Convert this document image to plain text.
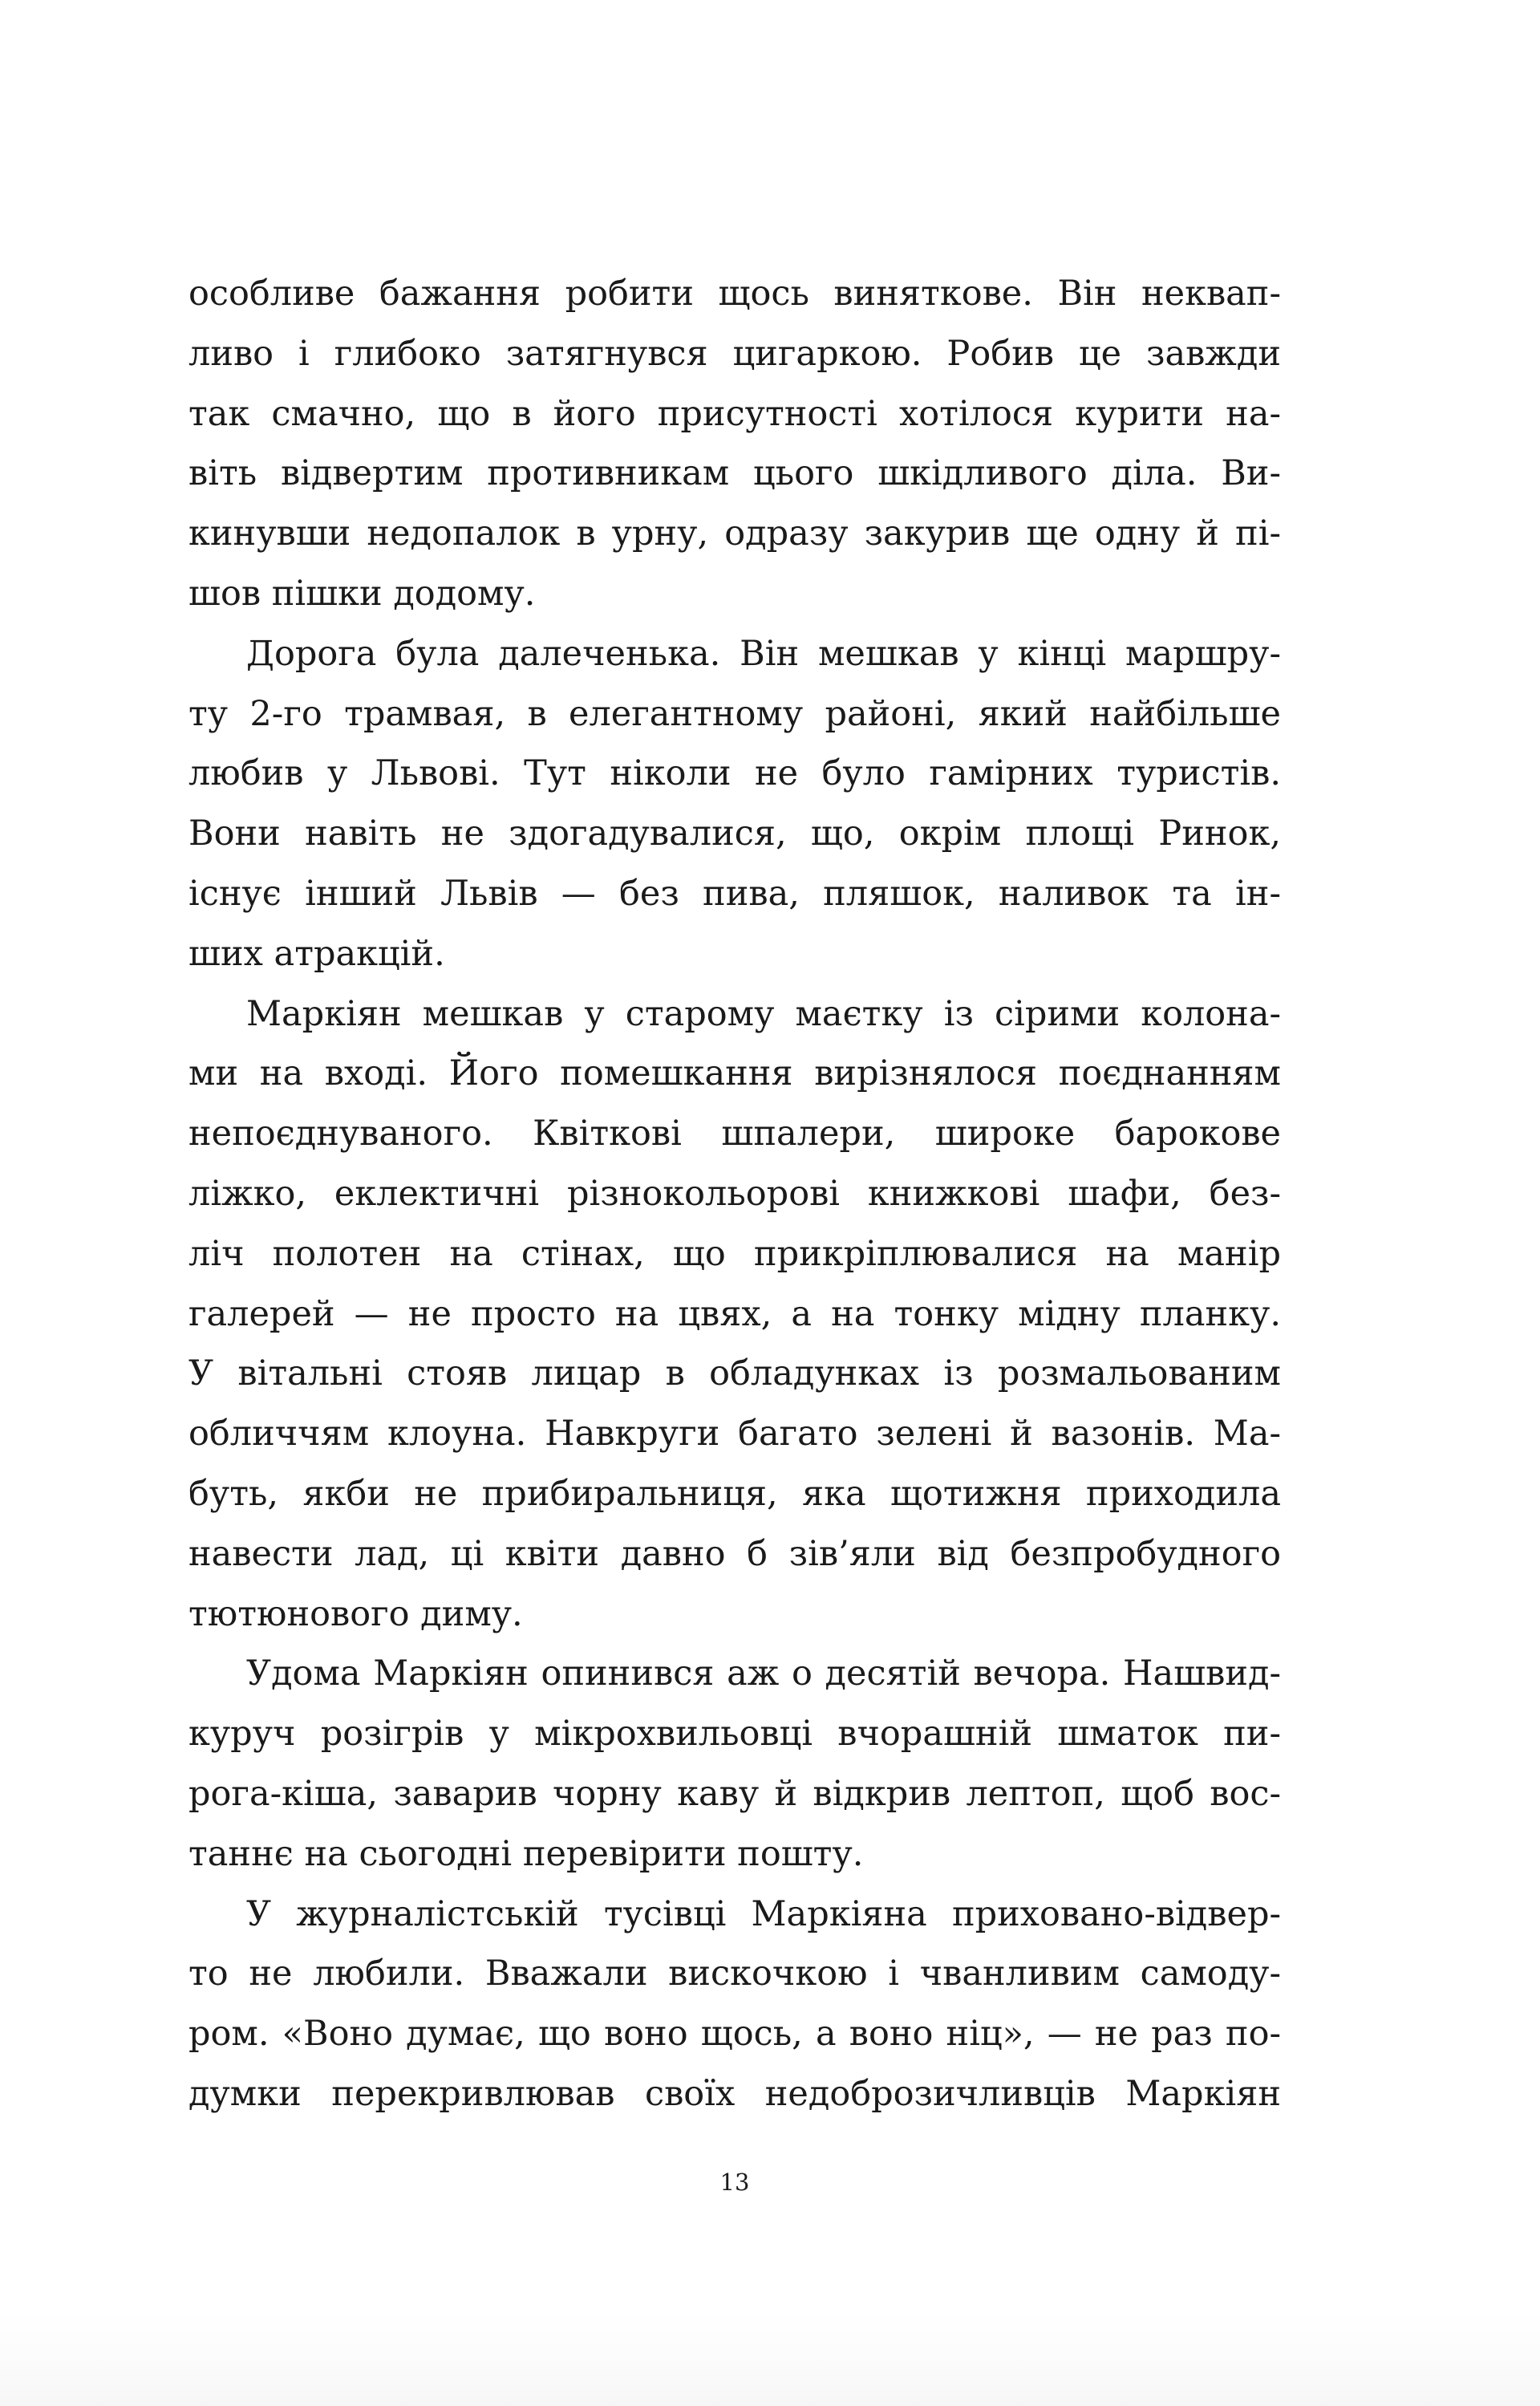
особливе бажання робити щось виняткове. Він неквап-
ливо і глибоко затягнувся цигаркою. Робив це завжди
так смачно, що в його присутності хотілося курити на-
віть відвертим противникам цього шкідливого діла. Ви-
кинувши недопалок в урну, одразу закурив ще одну й пі-
шов пішки додому.
Дорога була далеченька. Він мешкав у кінці маршру-
ту 2-го трамвая, в елегантному районі, який найбільше
любив у Львові. Тут ніколи не було гамірних туристів.
Вони навіть не здогадувалися, що, окрім площі Ринок,
існує інший Львів — без пива, пляшок, наливок та ін-
ших атракцій.
Маркіян мешкав у старому маєтку із сірими колона-
ми на вході. Його помешкання вирізнялося поєднанням
непоєднуваного. Квіткові шпалери, широке барокове
ліжко, еклектичні різнокольорові книжкові шафи, без-
ліч полотен на стінах, що прикріплювалися на манір
галерей — не просто на цвях, а на тонку мідну планку.
У вітальні стояв лицар в обладунках із розмальованим
обличчям клоуна. Навкруги багато зелені й вазонів. Ма-
буть, якби не прибиральниця, яка щотижня приходила
навести лад, ці квіти давно б зів’яли від безпробудного
тютюнового диму.
Удома Маркіян опинився аж о десятій вечора. Нашвид-
куруч розігрів у мікрохвильовці вчорашній шматок пи-
рога-кіша, заварив чорну каву й відкрив лептоп, щоб вос-
таннє на сьогодні перевірити пошту.
У журналістській тусівці Маркіяна приховано-відвер-
то не любили. Вважали вискочкою і чванливим самоду-
ром. «Воно думає, що воно щось, а воно ніц», — не раз по-
думки перекривлював своїх недоброзичливців Маркіян
13
